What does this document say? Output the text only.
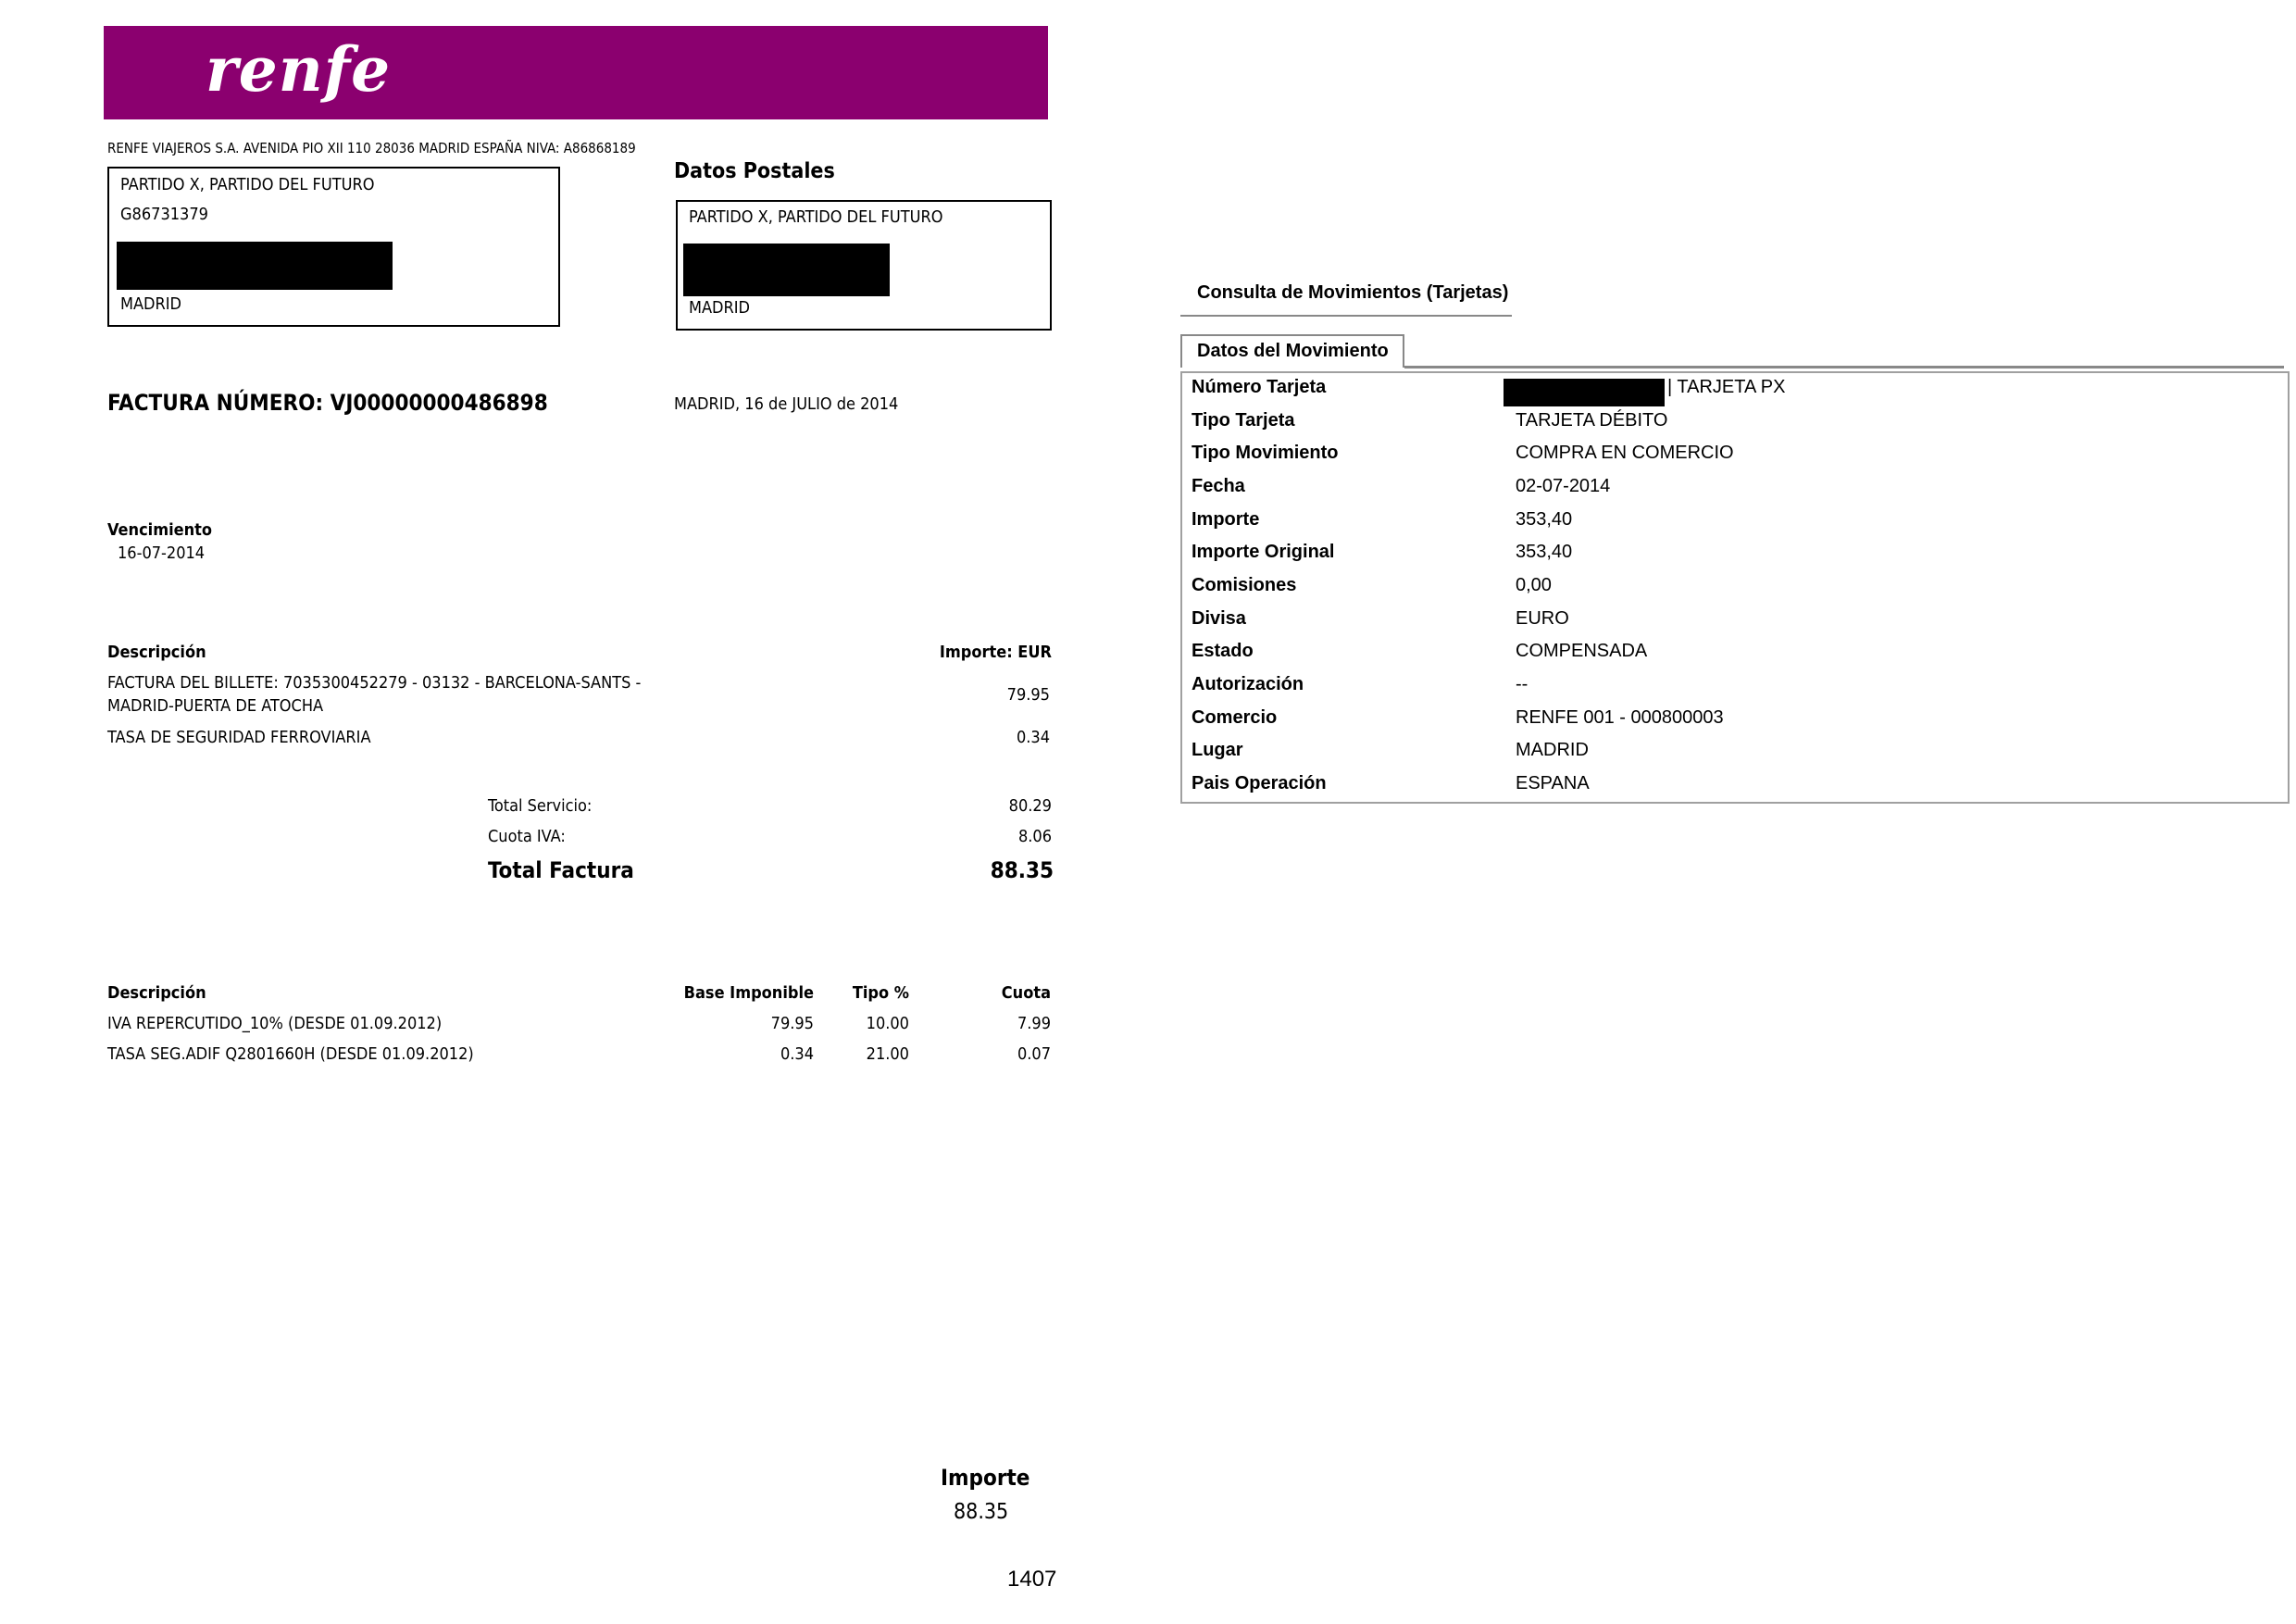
renfe
RENFE VIAJEROS S.A. AVENIDA PIO XII 110 28036 MADRID ESPAÑA NIVA: A86868189
PARTIDO X, PARTIDO DEL FUTURO
G86731379
MADRID
Datos Postales
PARTIDO X, PARTIDO DEL FUTURO
MADRID
FACTURA NÚMERO: VJ00000000486898	MADRID, 16 de JULIO de 2014
Vencimiento
16-07-2014
Descripción	Importe: EUR
FACTURA DEL BILLETE: 7035300452279 - 03132 - BARCELONA-SANTS -
MADRID-PUERTA DE ATOCHA
79.95
TASA DE SEGURIDAD FERROVIARIA	0.34
Total Servicio:	80.29
Cuota IVA:	8.06
Total Factura	88.35
Descripción	Base Imponible	Tipo %	Cuota
IVA REPERCUTIDO_10% (DESDE 01.09.2012)	79.95	10.00	7.99
TASA SEG.ADIF Q2801660H (DESDE 01.09.2012)	0.34	21.00	0.07
Importe
88.35
1407
Consulta de Movimientos (Tarjetas)
Datos del Movimiento
Número Tarjeta	| TARJETA PX
Tipo Tarjeta	TARJETA DÉBITO
Tipo Movimiento	COMPRA EN COMERCIO
Fecha	02-07-2014
Importe	353,40
Importe Original	353,40
Comisiones	0,00
Divisa	EURO
Estado	COMPENSADA
Autorización	--
Comercio	RENFE 001 - 000800003
Lugar	MADRID
Pais Operación	ESPANA
